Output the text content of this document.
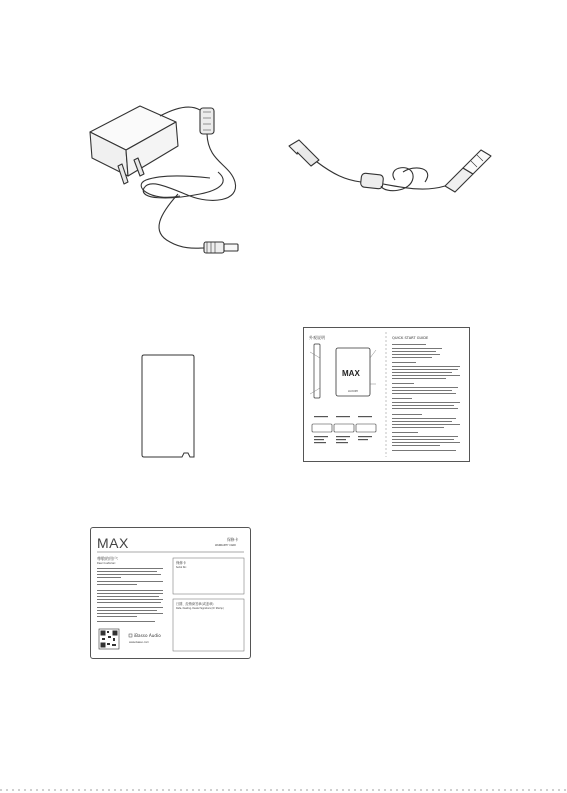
外观说明	QUICK START GUIDE
MAX
LUXURY
MAX	保修卡
WARRANTY CARD
尊敬的用户:
Dear Customer:
iBasso Audio
www.ibasso.com
保修卡
Serial No:
日期、经销商签章(或盖章)
Date, Dealing, Dealer Signature (Or Stamp)
